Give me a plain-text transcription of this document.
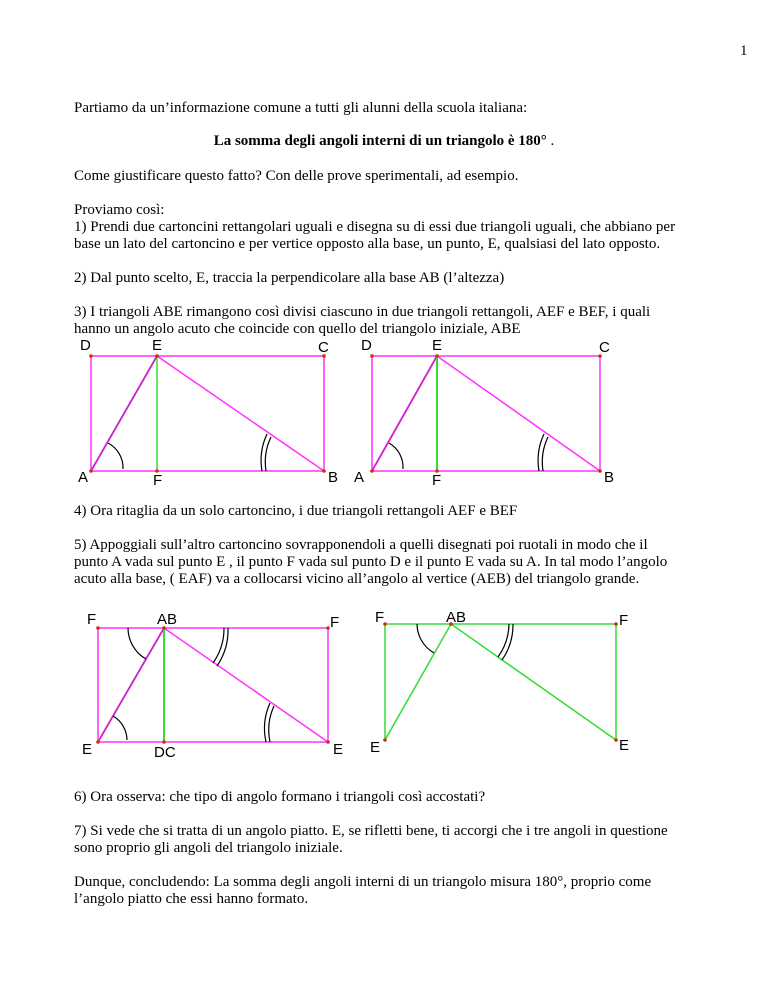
1

Partiamo da un’informazione comune a tutti gli alunni della scuola italiana:

La somma degli angoli interni di un triangolo è 180° .

Come giustificare questo fatto? Con delle prove sperimentali, ad esempio.

Proviamo così:

1) Prendi due cartoncini rettangolari uguali e disegna su di essi due triangoli uguali, che abbiano per

base un lato del cartoncino e per vertice opposto alla base, un punto, E, qualsiasi del lato opposto.

2) Dal punto scelto, E, traccia la perpendicolare alla base AB (l’altezza)

3) I triangoli ABE rimangono così divisi ciascuno in due triangoli rettangoli, AEF e BEF, i quali

hanno un angolo acuto che coincide con quello del triangolo iniziale, ABE

D	E	C
A	F	B
D	E	C
A	F	B

4) Ora ritaglia da un solo cartoncino, i due triangoli rettangoli AEF e BEF

5) Appoggiali sull’altro cartoncino sovrapponendoli a quelli disegnati poi ruotali in modo che il

punto A vada sul punto E , il punto F vada sul punto D e il punto E vada su A. In tal modo l’angolo

acuto alla base, ( EAF) va a collocarsi vicino all’angolo al vertice (AEB) del triangolo grande.

F	AB	F
E	DC	E
F	AB	F
E	E

6) Ora osserva: che tipo di angolo formano i triangoli così accostati?

7) Si vede che si tratta di un angolo piatto. E, se rifletti bene, ti accorgi che i tre angoli in questione

sono proprio gli angoli del triangolo iniziale.

Dunque, concludendo: La somma degli angoli interni di un triangolo misura 180°, proprio come

l’angolo piatto che essi hanno formato.
